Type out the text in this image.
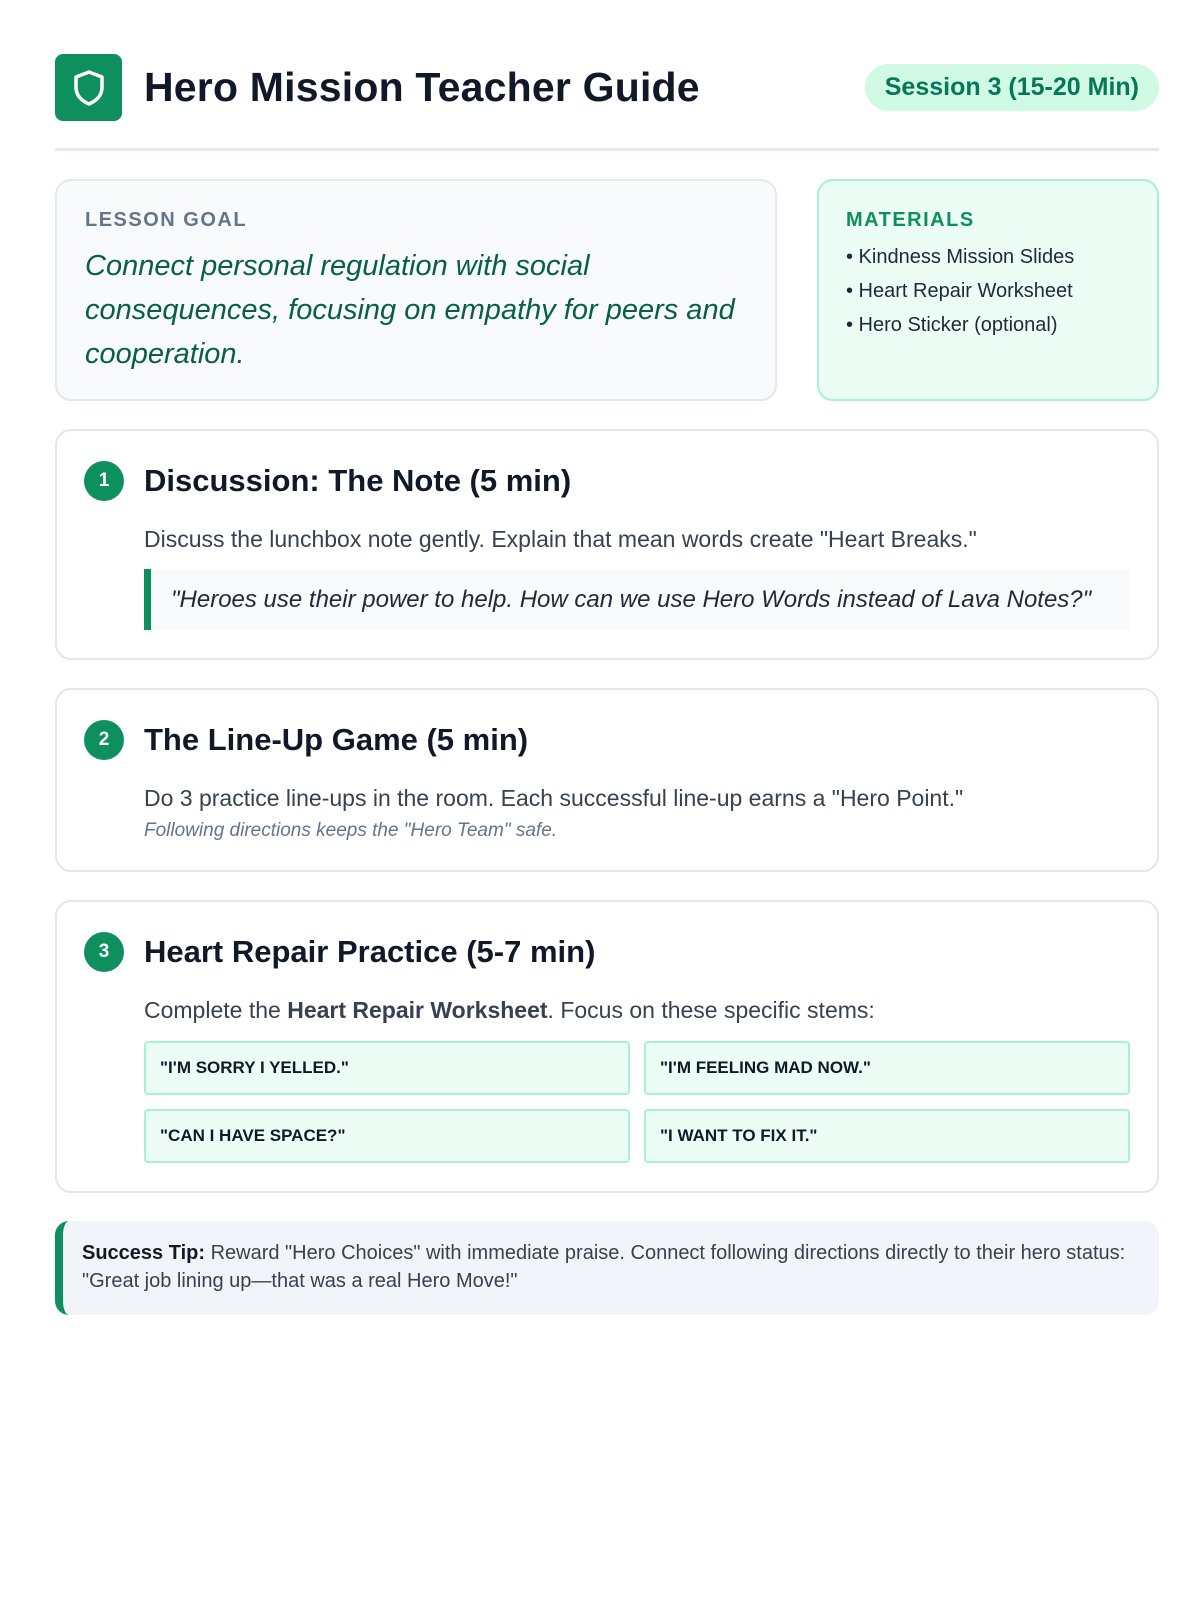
Hero Mission Teacher Guide	Session 3 (15-20 Min)
LESSON GOAL
Connect personal regulation with social consequences, focusing on empathy for peers and cooperation.
MATERIALS
• Kindness Mission Slides
• Heart Repair Worksheet
• Hero Sticker (optional)
1	Discussion: The Note (5 min)

Discuss the lunchbox note gently. Explain that mean words create "Heart Breaks."

"Heroes use their power to help. How can we use Hero Words instead of Lava Notes?"
2	The Line-Up Game (5 min)

Do 3 practice line-ups in the room. Each successful line-up earns a "Hero Point."

Following directions keeps the "Hero Team" safe.

3	Heart Repair Practice (5-7 min)

Complete the Heart Repair Worksheet. Focus on these specific stems:

"I'M SORRY I YELLED."	"I'M FEELING MAD NOW."
"CAN I HAVE SPACE?"	"I WANT TO FIX IT."
Success Tip: Reward "Hero Choices" with immediate praise. Connect following directions directly to their hero status: "Great job lining up—that was a real Hero Move!"
